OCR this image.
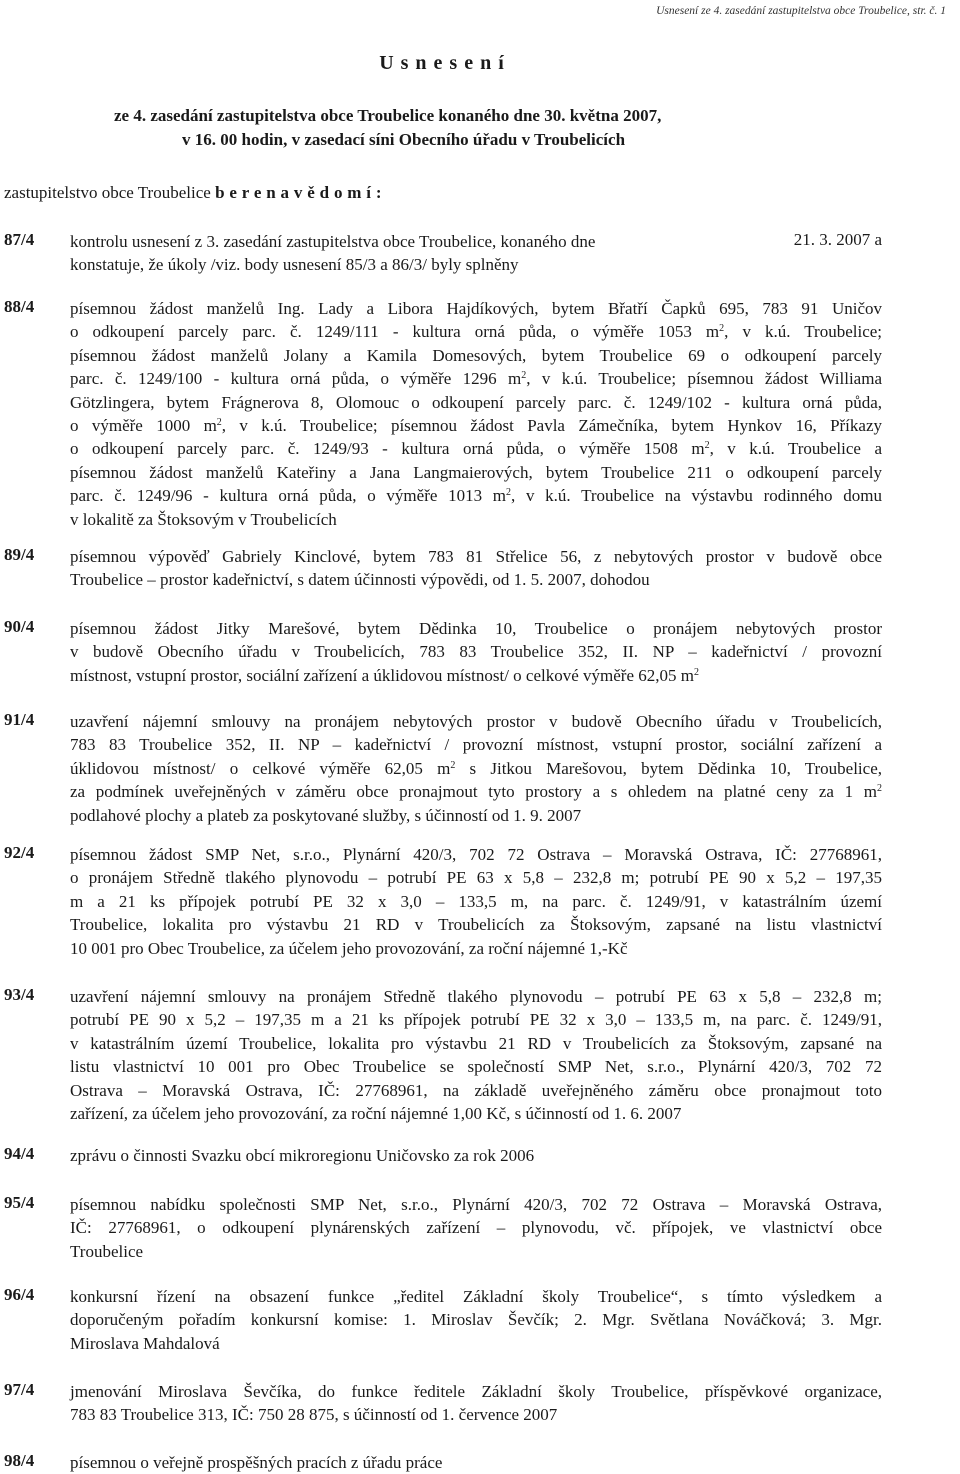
Usnesení ze 4. zasedání zastupitelstva obce Troubelice, str. č. 1
U s n e s e n í
ze 4. zasedání zastupitelstva obce Troubelice konaného dne 30. května 2007,
v 16. 00 hodin, v zasedací síni Obecního úřadu v Troubelicích
zastupitelstvo obce Troubelice b e r e n a v ě d o m í :
87/4 kontrolu usnesení z 3. zasedání zastupitelstva obce Troubelice, konaného dne
konstatuje, že úkoly /viz. body usnesení 85/3 a 86/3/ byly splněny
21. 3. 2007 a
88/4 písemnou žádost manželů Ing. Lady a Libora Hajdíkových, bytem Břatří Čapků 695, 783 91 Uničov
o odkoupení parcely parc. č. 1249/111 - kultura orná půda, o výměře 1053 $m^2$, v k.ú. Troubelice;
písemnou žádost manželů Jolany a Kamila Domesových, bytem Troubelice 69 o odkoupení parcely
parc. č. 1249/100 - kultura orná půda, o výměře 1296 $m^2$, v k.ú. Troubelice; písemnou žádost Williama
Götzlingera, bytem Frágnerova 8, Olomouc o odkoupení parcely parc. č. 1249/102 - kultura orná půda,
o výměře 1000 $m^2$, v k.ú. Troubelice; písemnou žádost Pavla Zámečníka, bytem Hynkov 16, Příkazy
o odkoupení parcely parc. č. 1249/93 - kultura orná půda, o výměře 1508 $m^2$, v k.ú. Troubelice a
písemnou žádost manželů Kateřiny a Jana Langmaierových, bytem Troubelice 211 o odkoupení parcely
parc. č. 1249/96 - kultura orná půda, o výměře 1013 $m^2$, v k.ú. Troubelice na výstavbu rodinného domu
v lokalitě za Štoksovým v Troubelicích
89/4 písemnou výpověď Gabriely Kinclové, bytem 783 81 Střelice 56, z nebytových prostor v budově obce
Troubelice – prostor kadeřnictví, s datem účinnosti výpovědi, od 1. 5. 2007, dohodou
90/4 písemnou žádost Jitky Marešové, bytem Dědinka 10, Troubelice o pronájem nebytových prostor
v budově Obecního úřadu v Troubelicích, 783 83 Troubelice 352, II. NP – kadeřnictví / provozní
místnost, vstupní prostor, sociální zařízení a úklidovou místnost/ o celkové výměře 62,05 $m^2$
91/4 uzavření nájemní smlouvy na pronájem nebytových prostor v budově Obecního úřadu v Troubelicích,
783 83 Troubelice 352, II. NP – kadeřnictví / provozní místnost, vstupní prostor, sociální zařízení a
úklidovou místnost/ o celkové výměře 62,05 $m^2$ s Jitkou Marešovou, bytem Dědinka 10, Troubelice,
za podmínek uveřejněných v záměru obce pronajmout tyto prostory a s ohledem na platné ceny za 1 $m^2$
podlahové plochy a plateb za poskytované služby, s účinností od 1. 9. 2007
92/4 písemnou žádost SMP Net, s.r.o., Plynární 420/3, 702 72 Ostrava – Moravská Ostrava, IČ: 27768961,
o pronájem Středně tlakého plynovodu – potrubí PE 63 x 5,8 – 232,8 m; potrubí PE 90 x 5,2 – 197,35
m a 21 ks přípojek potrubí PE 32 x 3,0 – 133,5 m, na parc. č. 1249/91, v katastrálním území
Troubelice, lokalita pro výstavbu 21 RD v Troubelicích za Štoksovým, zapsané na listu vlastnictví
10 001 pro Obec Troubelice, za účelem jeho provozování, za roční nájemné 1,-Kč
93/4 uzavření nájemní smlouvy na pronájem Středně tlakého plynovodu – potrubí PE 63 x 5,8 – 232,8 m;
potrubí PE 90 x 5,2 – 197,35 m a 21 ks přípojek potrubí PE 32 x 3,0 – 133,5 m, na parc. č. 1249/91,
v katastrálním území Troubelice, lokalita pro výstavbu 21 RD v Troubelicích za Štoksovým, zapsané na
listu vlastnictví 10 001 pro Obec Troubelice se společností SMP Net, s.r.o., Plynární 420/3, 702 72
Ostrava – Moravská Ostrava, IČ: 27768961, na základě uveřejněného záměru obce pronajmout toto
zařízení, za účelem jeho provozování, za roční nájemné 1,00 Kč, s účinností od 1. 6. 2007
94/4 zprávu o činnosti Svazku obcí mikroregionu Uničovsko za rok 2006
95/4 písemnou nabídku společnosti SMP Net, s.r.o., Plynární 420/3, 702 72 Ostrava – Moravská Ostrava,
IČ: 27768961, o odkoupení plynárenských zařízení – plynovodu, vč. přípojek, ve vlastnictví obce
Troubelice
96/4 konkursní řízení na obsazení funkce „ředitel Základní školy Troubelice“, s tímto výsledkem a
doporučeným pořadím konkursní komise: 1. Miroslav Ševčík; 2. Mgr. Světlana Nováčková; 3. Mgr.
Miroslava Mahdalová
97/4 jmenování Miroslava Ševčíka, do funkce ředitele Základní školy Troubelice, příspěvkové organizace,
783 83 Troubelice 313, IČ: 750 28 875, s účinností od 1. července 2007
98/4 písemnou o veřejně prospěšných pracích z úřadu práce
